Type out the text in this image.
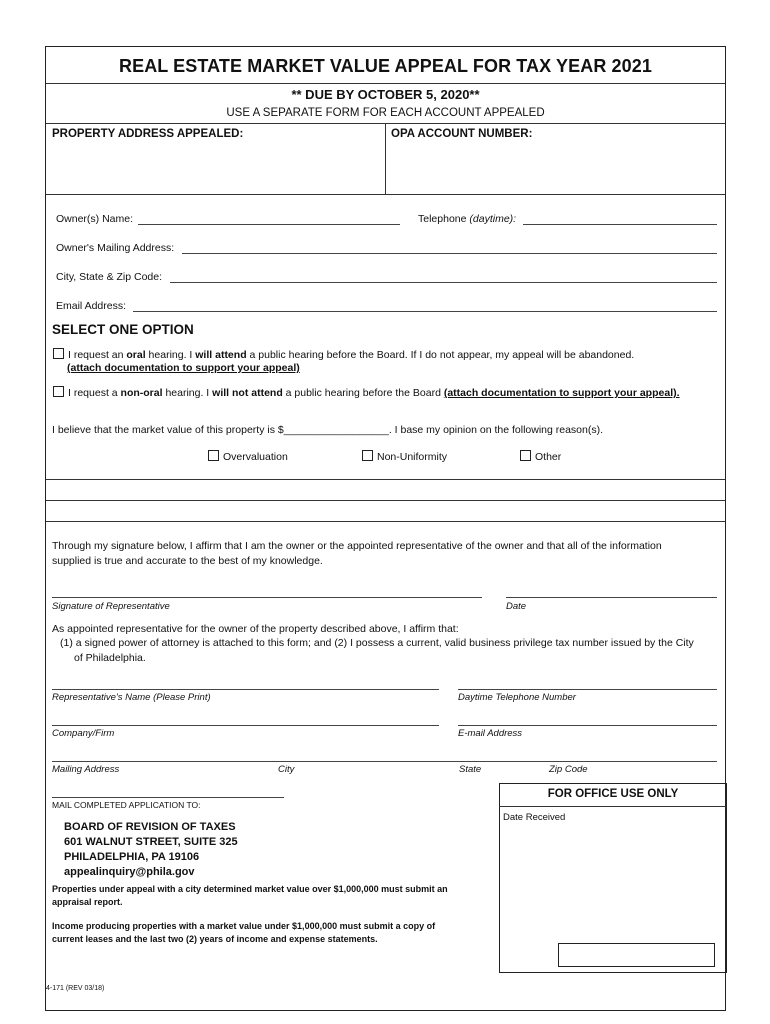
REAL ESTATE MARKET VALUE APPEAL FOR TAX YEAR 2021
** DUE BY OCTOBER 5, 2020**
USE A SEPARATE FORM FOR EACH ACCOUNT APPEALED
PROPERTY ADDRESS APPEALED:	OPA ACCOUNT NUMBER:
Owner(s) Name:	Telephone (daytime):
Owner's Mailing Address:
City, State & Zip Code:
Email Address:
SELECT ONE OPTION
I request an oral hearing. I will attend a public hearing before the Board. If I do not appear, my appeal will be abandoned.
(attach documentation to support your appeal)
I request a non-oral hearing. I will not attend a public hearing before the Board (attach documentation to support your appeal).
I believe that the market value of this property is $__________________. I base my opinion on the following reason(s).
Overvaluation	Non-Uniformity	Other
Through my signature below, I affirm that I am the owner or the appointed representative of the owner and that all of the information supplied is true and accurate to the best of my knowledge.
Signature of Representative	Date
As appointed representative for the owner of the property described above, I affirm that:
(1) a signed power of attorney is attached to this form; and (2) I possess a current, valid business privilege tax number issued by the City of Philadelphia.
Representative's Name (Please Print)	Daytime Telephone Number
Company/Firm	E-mail Address
Mailing Address	City	State	Zip Code
MAIL COMPLETED APPLICATION TO:
BOARD OF REVISION OF TAXES
601 WALNUT STREET, SUITE 325
PHILADELPHIA, PA 19106
appealinquiry@phila.gov
Properties under appeal with a city determined market value over $1,000,000 must submit an appraisal report.
Income producing properties with a market value under $1,000,000 must submit a copy of current leases and the last two (2) years of income and expense statements.
FOR OFFICE USE ONLY
Date Received
4-171 (REV 03/18)
